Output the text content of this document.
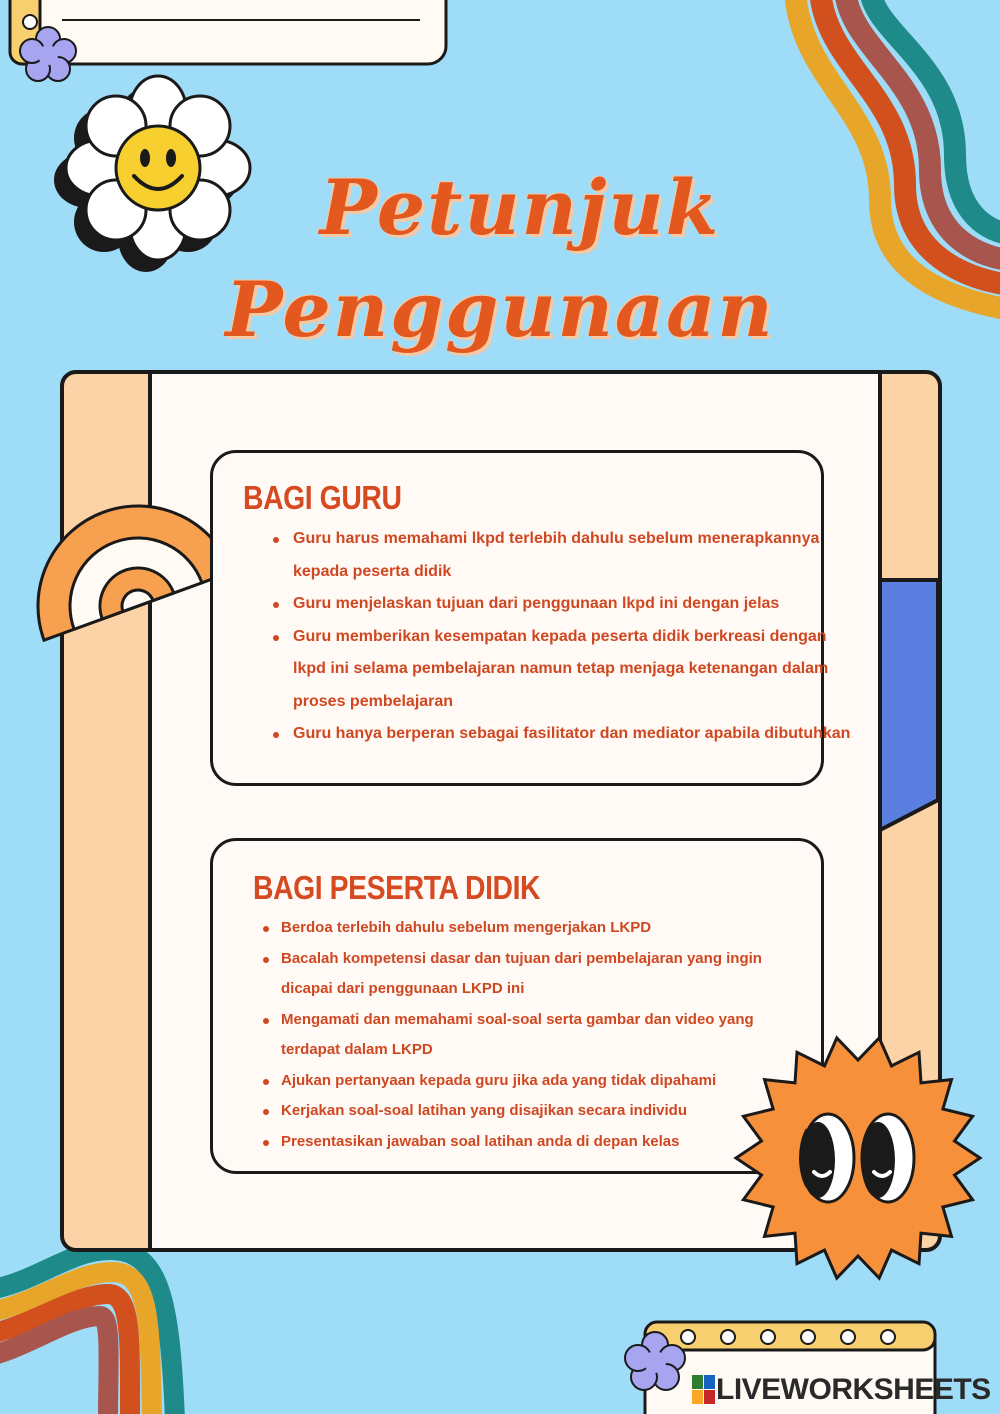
Petunjuk
Penggunaan
BAGI GURU
Guru harus memahami lkpd terlebih dahulu sebelum menerapkannya kepada peserta didik
Guru menjelaskan tujuan dari penggunaan lkpd ini dengan jelas
Guru memberikan kesempatan kepada peserta didik berkreasi dengan lkpd ini selama pembelajaran namun tetap menjaga ketenangan dalam proses pembelajaran
Guru hanya berperan sebagai fasilitator dan mediator apabila dibutuhkan
BAGI PESERTA DIDIK
Berdoa terlebih dahulu sebelum mengerjakan LKPD
Bacalah kompetensi dasar dan tujuan dari pembelajaran yang ingin dicapai dari penggunaan LKPD ini
Mengamati dan memahami soal-soal serta gambar dan video yang terdapat dalam LKPD
Ajukan pertanyaan kepada guru jika ada yang tidak dipahami
Kerjakan soal-soal latihan yang disajikan secara individu
Presentasikan jawaban soal latihan anda di depan kelas
LIVEWORKSHEETS
